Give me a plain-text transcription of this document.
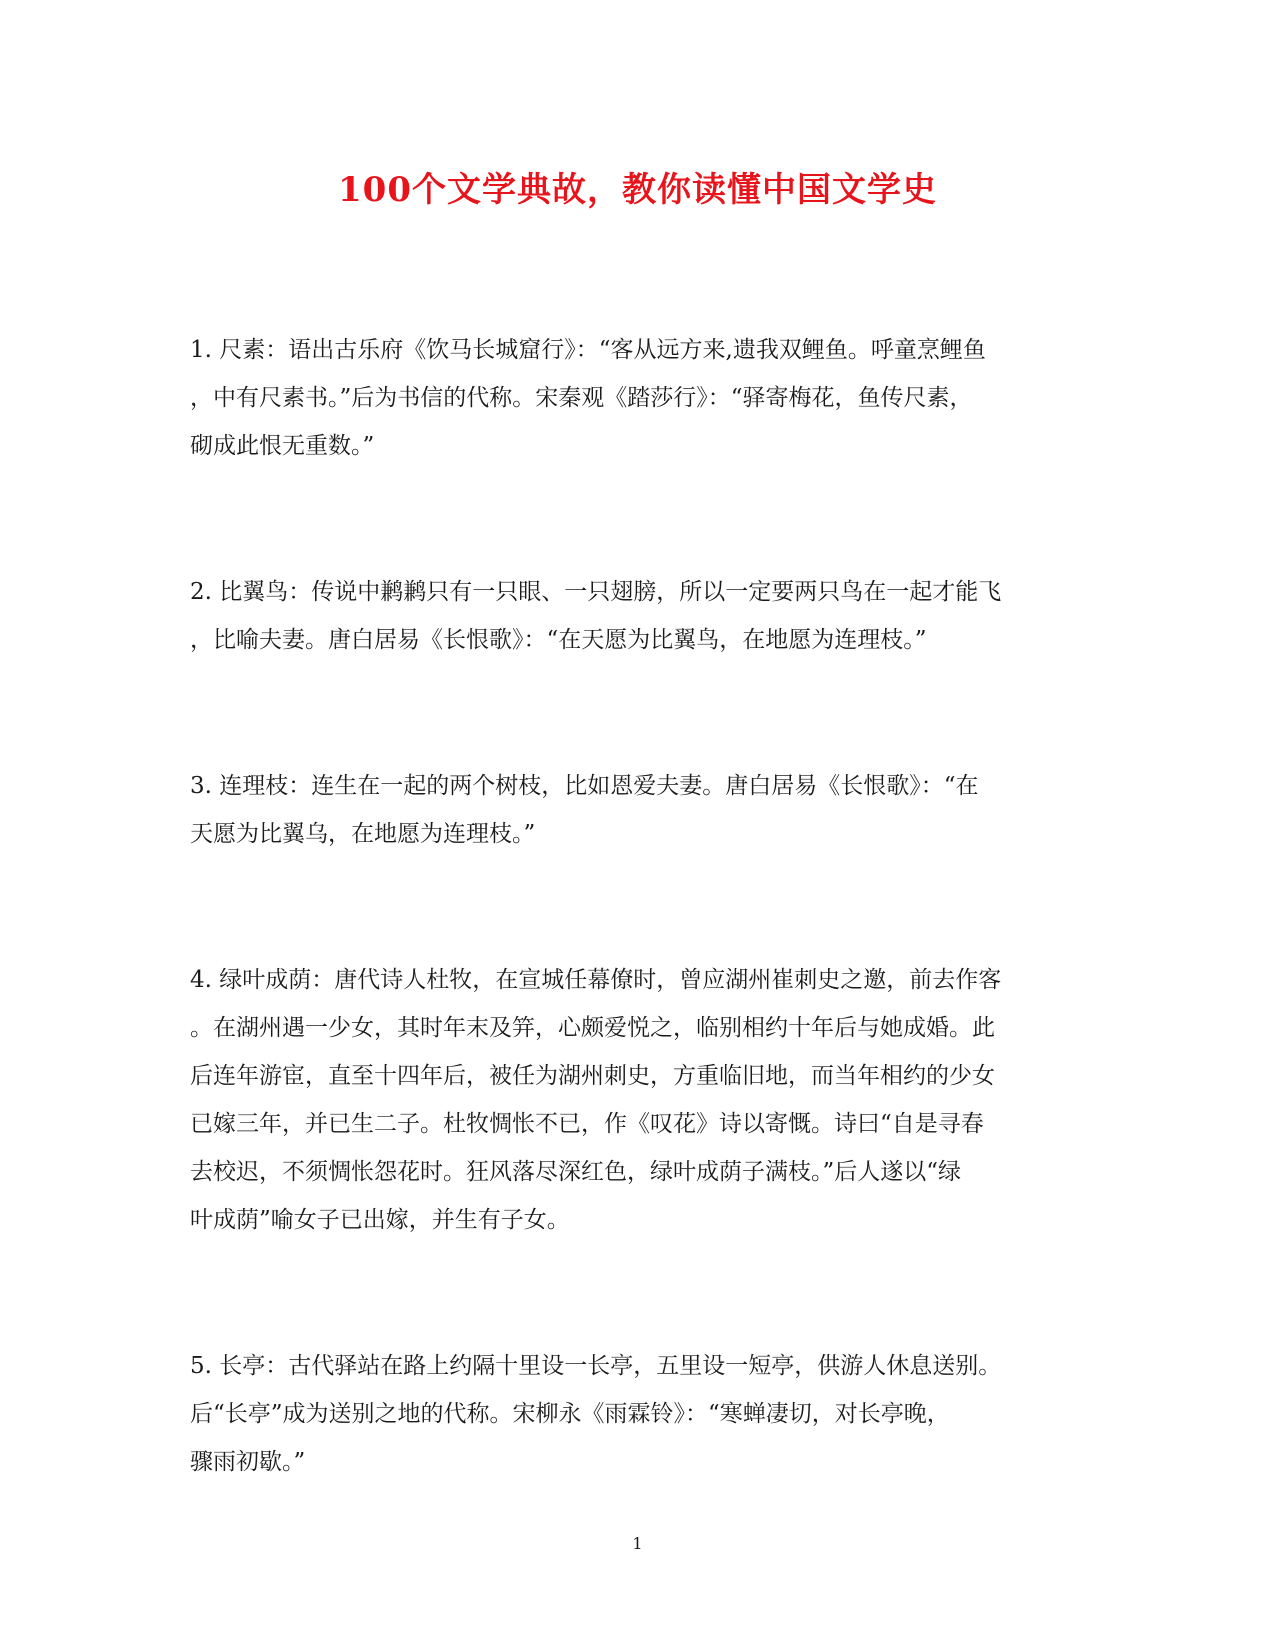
100个文学典故，教你读懂中国文学史
1. 尺素：语出古乐府《饮马长城窟行》：“客从远方来,遗我双鲤鱼。呼童烹鲤鱼
，中有尺素书。”后为书信的代称。宋秦观《踏莎行》：“驿寄梅花，鱼传尺素，
砌成此恨无重数。”
2. 比翼鸟：传说中鹣鹣只有一只眼、一只翅膀，所以一定要两只鸟在一起才能飞
，比喻夫妻。唐白居易《长恨歌》：“在天愿为比翼鸟，在地愿为连理枝。”
3. 连理枝：连生在一起的两个树枝，比如恩爱夫妻。唐白居易《长恨歌》：“在
天愿为比翼乌，在地愿为连理枝。”
4. 绿叶成荫：唐代诗人杜牧，在宣城任幕僚时，曾应湖州崔刺史之邀，前去作客
。在湖州遇一少女，其时年末及笄，心颇爱悦之，临别相约十年后与她成婚。此
后连年游宦，直至十四年后，被任为湖州刺史，方重临旧地，而当年相约的少女
已嫁三年，并已生二子。杜牧惆怅不已，作《叹花》诗以寄慨。诗曰“自是寻春
去校迟，不须惆怅怨花时。狂风落尽深红色，绿叶成荫子满枝。”后人遂以“绿
叶成荫”喻女子已出嫁，并生有子女。
5. 长亭：古代驿站在路上约隔十里设一长亭，五里设一短亭，供游人休息送别。
后“长亭”成为送别之地的代称。宋柳永《雨霖铃》：“寒蝉凄切，对长亭晚，
骤雨初歇。”
1
